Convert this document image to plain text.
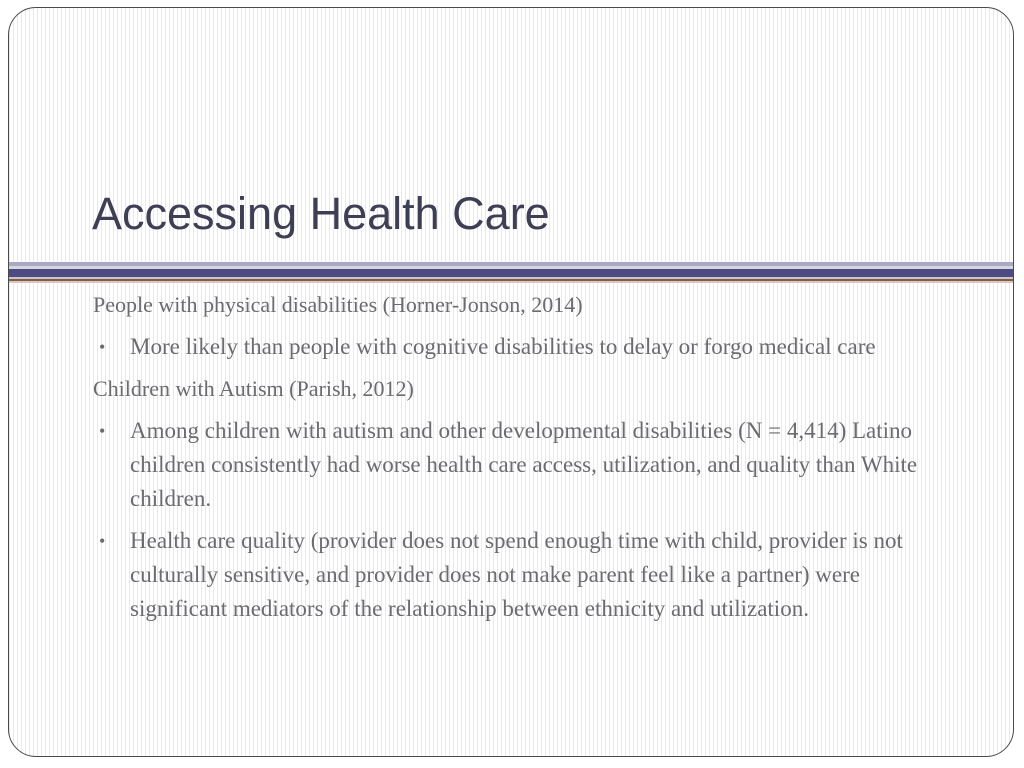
Accessing Health Care

People with physical disabilities (Horner-Jonson, 2014)

• More likely than people with cognitive disabilities to delay or forgo medical care

Children with Autism (Parish, 2012)

• Among children with autism and other developmental disabilities (N = 4,414) Latino children consistently had worse health care access, utilization, and quality than White children.
• Health care quality (provider does not spend enough time with child, provider is not culturally sensitive, and provider does not make parent feel like a partner) were significant mediators of the relationship between ethnicity and utilization.
